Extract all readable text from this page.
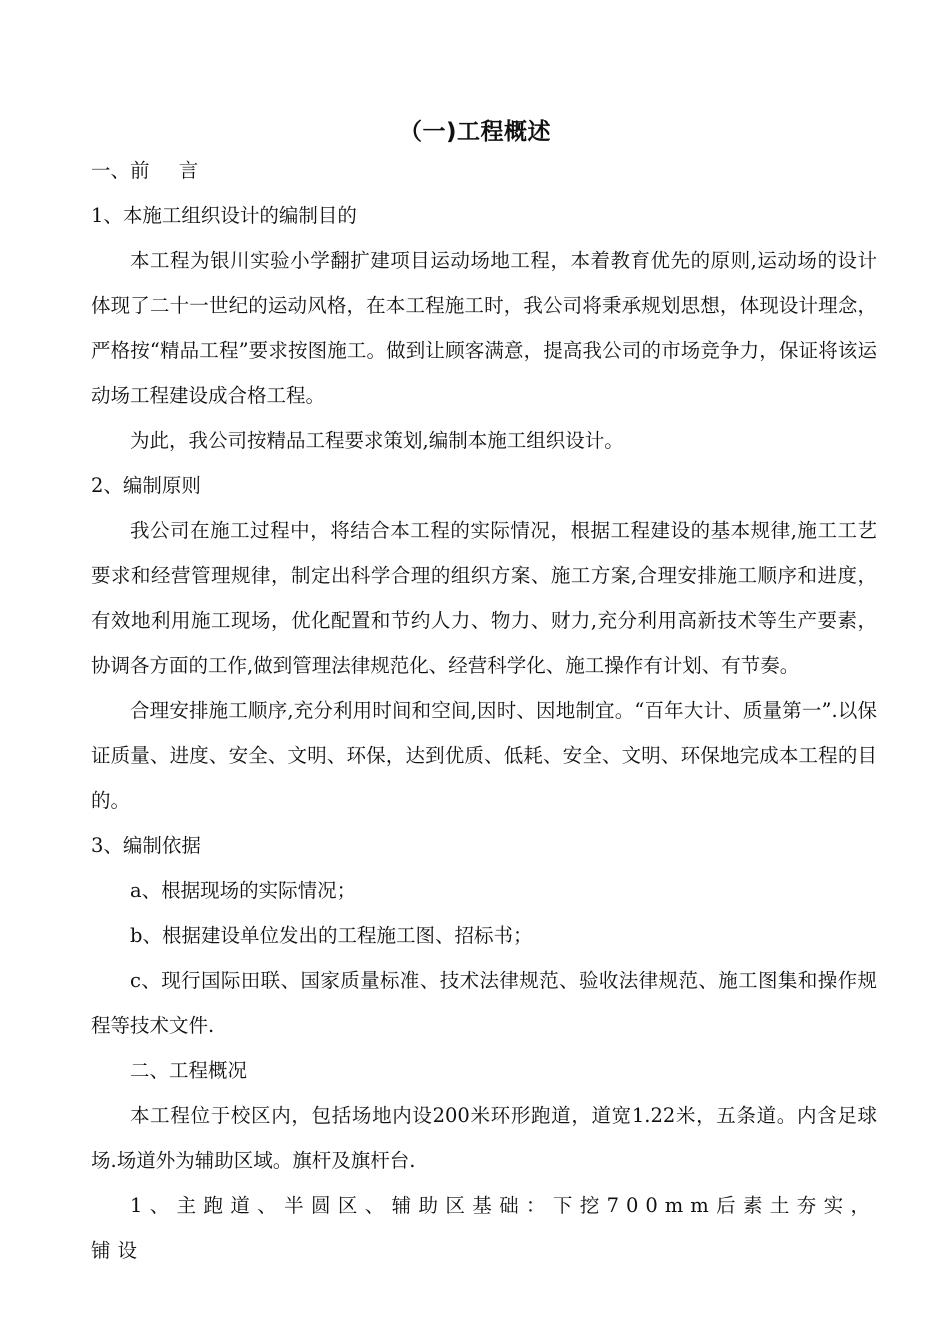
（一)工程概述

一、前 言

1、本施工组织设计的编制目的

本工程为银川实验小学翻扩建项目运动场地工程，本着教育优先的原则,运动场的设计体现了二十一世纪的运动风格，在本工程施工时，我公司将秉承规划思想，体现设计理念，严格按“精品工程”要求按图施工。做到让顾客满意，提高我公司的市场竞争力，保证将该运动场工程建设成合格工程。

为此，我公司按精品工程要求策划,编制本施工组织设计。

2、编制原则

我公司在施工过程中，将结合本工程的实际情况，根据工程建设的基本规律,施工工艺要求和经营管理规律，制定出科学合理的组织方案、施工方案,合理安排施工顺序和进度，有效地利用施工现场，优化配置和节约人力、物力、财力,充分利用高新技术等生产要素，协调各方面的工作,做到管理法律规范化、经营科学化、施工操作有计划、有节奏。

合理安排施工顺序,充分利用时间和空间,因时、因地制宜。“百年大计、质量第一”.以保证质量、进度、安全、文明、环保，达到优质、低耗、安全、文明、环保地完成本工程的目的。

3、编制依据

a、根据现场的实际情况；

b、根据建设单位发出的工程施工图、招标书；

c、现行国际田联、国家质量标准、技术法律规范、验收法律规范、施工图集和操作规程等技术文件.

二、工程概况

本工程位于校区内，包括场地内设200米环形跑道，道宽1.22米，五条道。内含足球场.场道外为辅助区域。旗杆及旗杆台.

1、主跑道、半圆区、辅助区基础：下挖700mm后素土夯实，铺设
